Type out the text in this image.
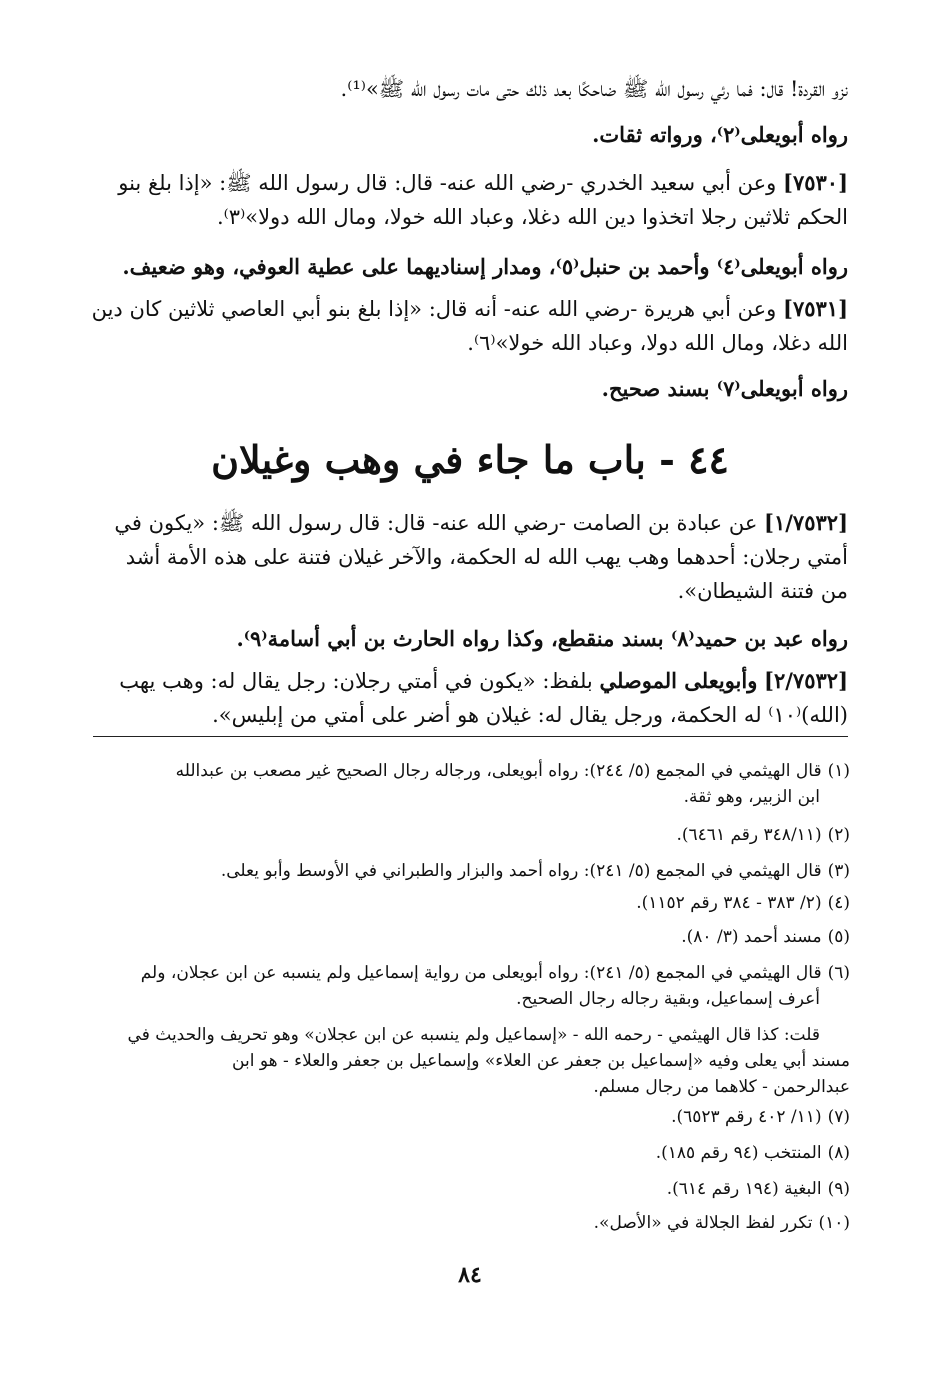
نزو القردة! قال: فما رئي رسول الله ﷺ ضاحكًا بعد ذلك حتى مات رسول الله ﷺ»⁽¹⁾.
رواه أبويعلى⁽٢⁾، ورواته ثقات.
[٧٥٣٠] وعن أبي سعيد الخدري -رضي الله عنه- قال: قال رسول الله ﷺ: «إذا بلغ بنو
الحكم ثلاثين رجلا اتخذوا دين الله دغلا، وعباد الله خولا، ومال الله دولا»⁽٣⁾.
رواه أبويعلى⁽٤⁾ وأحمد بن حنبل⁽٥⁾، ومدار إسناديهما على عطية العوفي، وهو ضعيف.
[٧٥٣١] وعن أبي هريرة -رضي الله عنه- أنه قال: «إذا بلغ بنو أبي العاصي ثلاثين كان دين
الله دغلا، ومال الله دولا، وعباد الله خولا»⁽٦⁾.
رواه أبويعلى⁽٧⁾ بسند صحيح.
٤٤ - باب ما جاء في وهب وغيلان
[١/٧٥٣٢] عن عبادة بن الصامت -رضي الله عنه- قال: قال رسول الله ﷺ: «يكون في
أمتي رجلان: أحدهما وهب يهب الله له الحكمة، والآخر غيلان فتنة على هذه الأمة أشد
من فتنة الشيطان».
رواه عبد بن حميد⁽٨⁾ بسند منقطع، وكذا رواه الحارث بن أبي أسامة⁽٩⁾.
[٢/٧٥٣٢] وأبويعلى الموصلي بلفظ: «يكون في أمتي رجلان: رجل يقال له: وهب يهب
(الله)⁽١٠⁾ له الحكمة، ورجل يقال له: غيلان هو أضر على أمتي من إبليس».
(١)قال الهيثمي في المجمع (٥/ ٢٤٤): رواه أبويعلى، ورجاله رجال الصحيح غير مصعب بن عبدالله
ابن الزبير، وهو ثقة.
(٢)(٣٤٨/١١ رقم ٦٤٦١).
(٣)قال الهيثمي في المجمع (٥/ ٢٤١): رواه أحمد والبزار والطبراني في الأوسط وأبو يعلى.
(٤)(٢/ ٣٨٣ - ٣٨٤ رقم ١١٥٢).
(٥)مسند أحمد (٣/ ٨٠).
(٦)قال الهيثمي في المجمع (٥/ ٢٤١): رواه أبويعلى من رواية إسماعيل ولم ينسبه عن ابن عجلان، ولم
أعرف إسماعيل، وبقية رجاله رجال الصحيح.
قلت: كذا قال الهيثمي - رحمه الله - «إسماعيل ولم ينسبه عن ابن عجلان» وهو تحريف والحديث في
مسند أبي يعلى وفيه «إسماعيل بن جعفر عن العلاء» وإسماعيل بن جعفر والعلاء - هو ابن
عبدالرحمن - كلاهما من رجال مسلم.
(٧)(١١/ ٤٠٢ رقم ٦٥٢٣).
(٨)المنتخب (٩٤ رقم ١٨٥).
(٩)البغية (١٩٤ رقم ٦١٤).
(١٠)تكرر لفظ الجلالة في «الأصل».
٨٤
